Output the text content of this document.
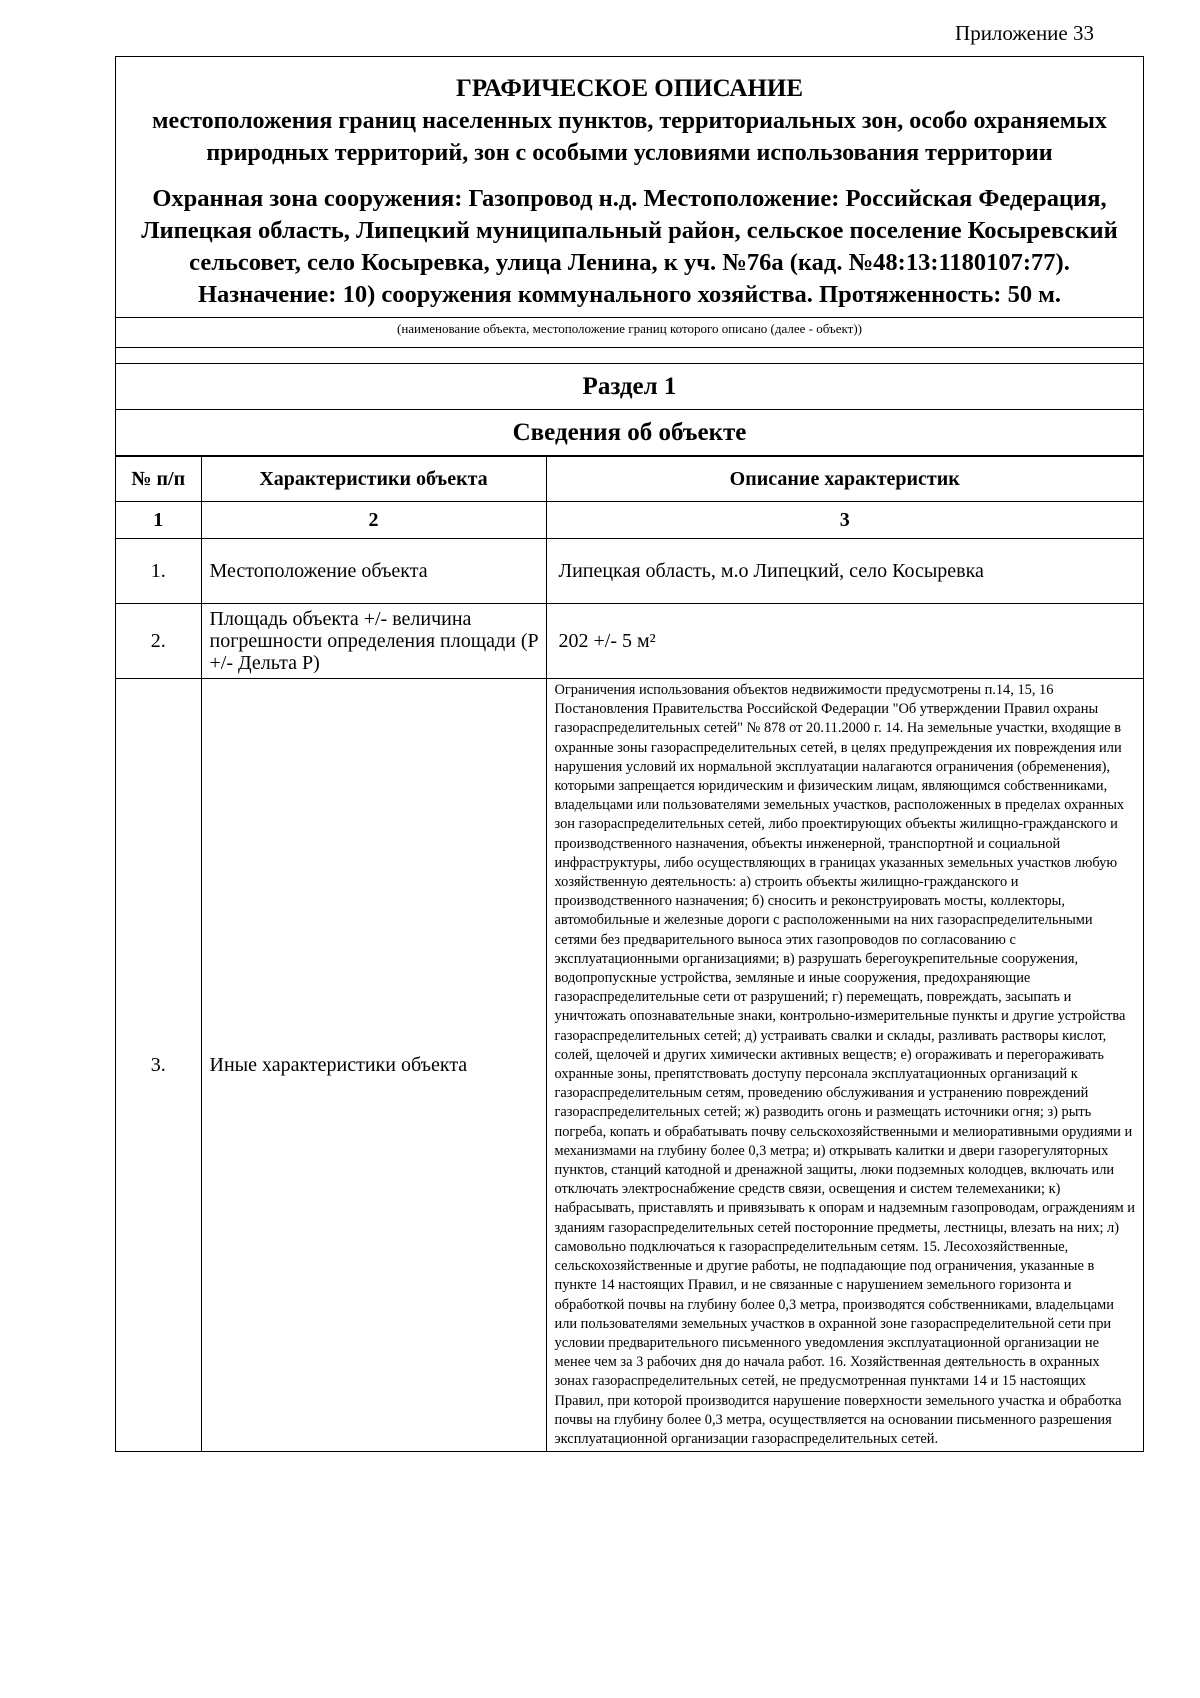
Приложение 33
ГРАФИЧЕСКОЕ ОПИСАНИЕ
местоположения границ населенных пунктов, территориальных зон, особо охраняемых природных территорий, зон с особыми условиями использования территории
Охранная зона сооружения: Газопровод н.д. Местоположение: Российская Федерация, Липецкая область, Липецкий муниципальный район, сельское поселение Косыревский сельсовет, село Косыревка, улица Ленина, к уч. №76а (кад. №48:13:1180107:77). Назначение: 10) сооружения коммунального хозяйства. Протяженность: 50 м.
(наименование объекта, местоположение границ которого описано (далее - объект))
Раздел 1
Сведения об объекте
№ п/п	Характеристики объекта	Описание характеристик
1	2	3
1.	Местоположение объекта	Липецкая область, м.о Липецкий, село Косыревка
2.	Площадь объекта +/- величина погрешности определения площади (Р +/- Дельта Р)	202 +/- 5 м²
3.	Иные характеристики объекта	Ограничения использования объектов недвижимости предусмотрены п.14, 15, 16 Постановления Правительства Российской Федерации "Об утверждении Правил охраны газораспределительных сетей" № 878 от 20.11.2000 г. 14. На земельные участки, входящие в охранные зоны газораспределительных сетей, в целях предупреждения их повреждения или нарушения условий их нормальной эксплуатации налагаются ограничения (обременения), которыми запрещается юридическим и физическим лицам, являющимся собственниками, владельцами или пользователями земельных участков, расположенных в пределах охранных зон газораспределительных сетей, либо проектирующих объекты жилищно-гражданского и производственного назначения, объекты инженерной, транспортной и социальной инфраструктуры, либо осуществляющих в границах указанных земельных участков любую хозяйственную деятельность: а) строить объекты жилищно-гражданского и производственного назначения; б) сносить и реконструировать мосты, коллекторы, автомобильные и железные дороги с расположенными на них газораспределительными сетями без предварительного выноса этих газопроводов по согласованию с эксплуатационными организациями; в) разрушать берегоукрепительные сооружения, водопропускные устройства, земляные и иные сооружения, предохраняющие газораспределительные сети от разрушений; г) перемещать, повреждать, засыпать и уничтожать опознавательные знаки, контрольно-измерительные пункты и другие устройства газораспределительных сетей; д) устраивать свалки и склады, разливать растворы кислот, солей, щелочей и других химически активных веществ; е) огораживать и перегораживать охранные зоны, препятствовать доступу персонала эксплуатационных организаций к газораспределительным сетям, проведению обслуживания и устранению повреждений газораспределительных сетей; ж) разводить огонь и размещать источники огня; з) рыть погреба, копать и обрабатывать почву сельскохозяйственными и мелиоративными орудиями и механизмами на глубину более 0,3 метра; и) открывать калитки и двери газорегуляторных пунктов, станций катодной и дренажной защиты, люки подземных колодцев, включать или отключать электроснабжение средств связи, освещения и систем телемеханики; к) набрасывать, приставлять и привязывать к опорам и надземным газопроводам, ограждениям и зданиям газораспределительных сетей посторонние предметы, лестницы, влезать на них; л) самовольно подключаться к газораспределительным сетям. 15. Лесохозяйственные, сельскохозяйственные и другие работы, не подпадающие под ограничения, указанные в пункте 14 настоящих Правил, и не связанные с нарушением земельного горизонта и обработкой почвы на глубину более 0,3 метра, производятся собственниками, владельцами или пользователями земельных участков в охранной зоне газораспределительной сети при условии предварительного письменного уведомления эксплуатационной организации не менее чем за 3 рабочих дня до начала работ. 16. Хозяйственная деятельность в охранных зонах газораспределительных сетей, не предусмотренная пунктами 14 и 15 настоящих Правил, при которой производится нарушение поверхности земельного участка и обработка почвы на глубину более 0,3 метра, осуществляется на основании письменного разрешения эксплуатационной организации газораспределительных сетей.
